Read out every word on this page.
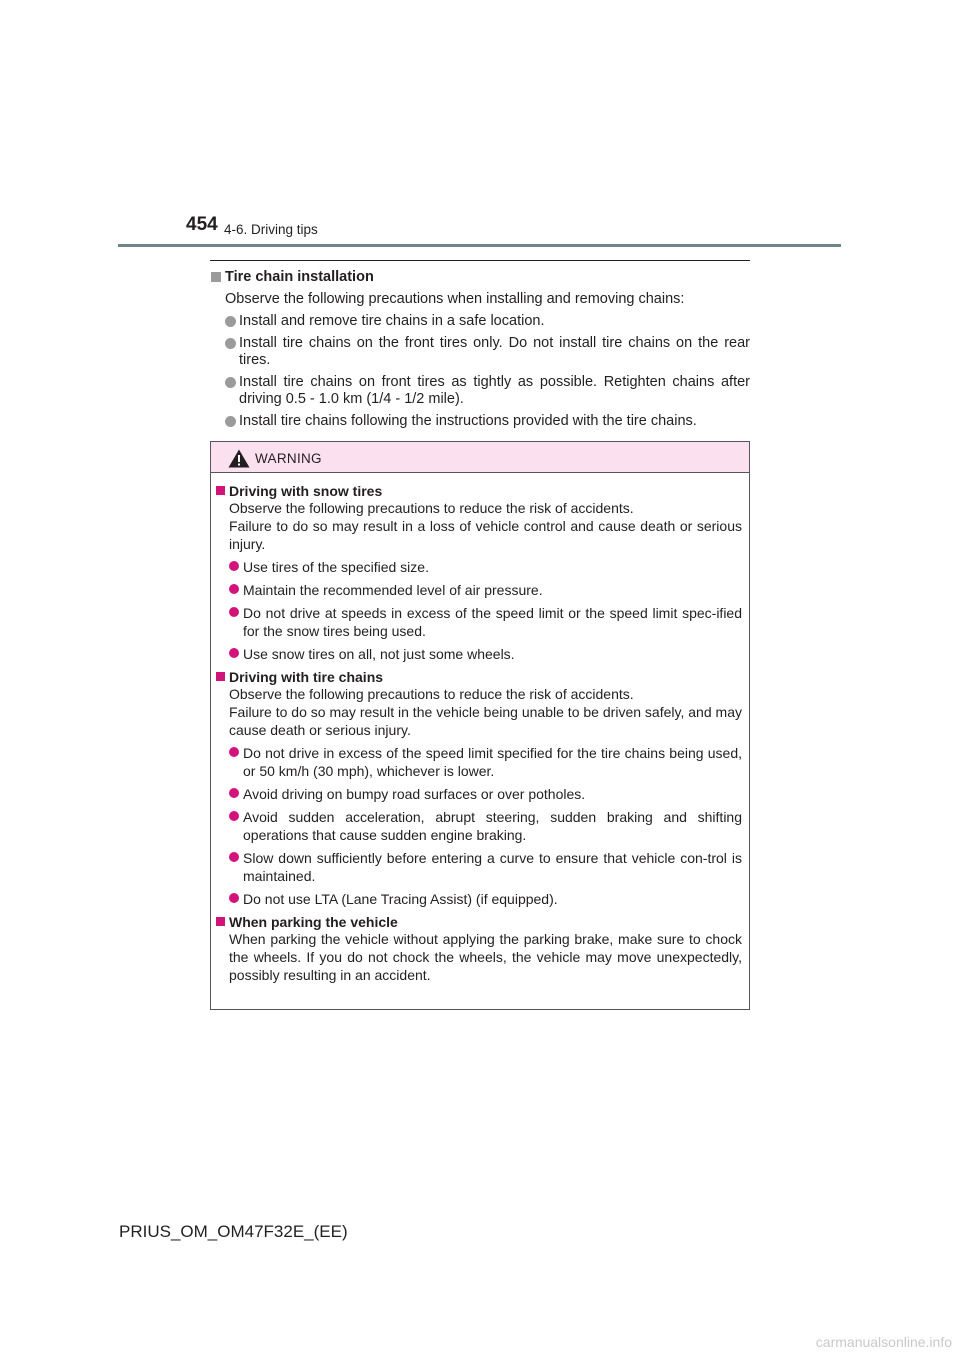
454 4-6. Driving tips
Tire chain installation

Observe the following precautions when installing and removing chains:

Install and remove tire chains in a safe location.
Install tire chains on the front tires only. Do not install tire chains on the rear tires.
Install tire chains on front tires as tightly as possible. Retighten chains after driving 0.5 - 1.0 km (1/4 - 1/2 mile).
Install tire chains following the instructions provided with the tire chains.
WARNING
Driving with snow tires

Observe the following precautions to reduce the risk of accidents.
Failure to do so may result in a loss of vehicle control and cause death or serious injury.

Use tires of the specified size.
Maintain the recommended level of air pressure.
Do not drive at speeds in excess of the speed limit or the speed limit spec-ified for the snow tires being used.
Use snow tires on all, not just some wheels.
Driving with tire chains

Observe the following precautions to reduce the risk of accidents.
Failure to do so may result in the vehicle being unable to be driven safely, and may cause death or serious injury.

Do not drive in excess of the speed limit specified for the tire chains being used, or 50 km/h (30 mph), whichever is lower.
Avoid driving on bumpy road surfaces or over potholes.
Avoid sudden acceleration, abrupt steering, sudden braking and shifting operations that cause sudden engine braking.
Slow down sufficiently before entering a curve to ensure that vehicle con-trol is maintained.
Do not use LTA (Lane Tracing Assist) (if equipped).
When parking the vehicle

When parking the vehicle without applying the parking brake, make sure to chock the wheels. If you do not chock the wheels, the vehicle may move unexpectedly, possibly resulting in an accident.

PRIUS_OM_OM47F32E_(EE)
carmanualsonline.info
